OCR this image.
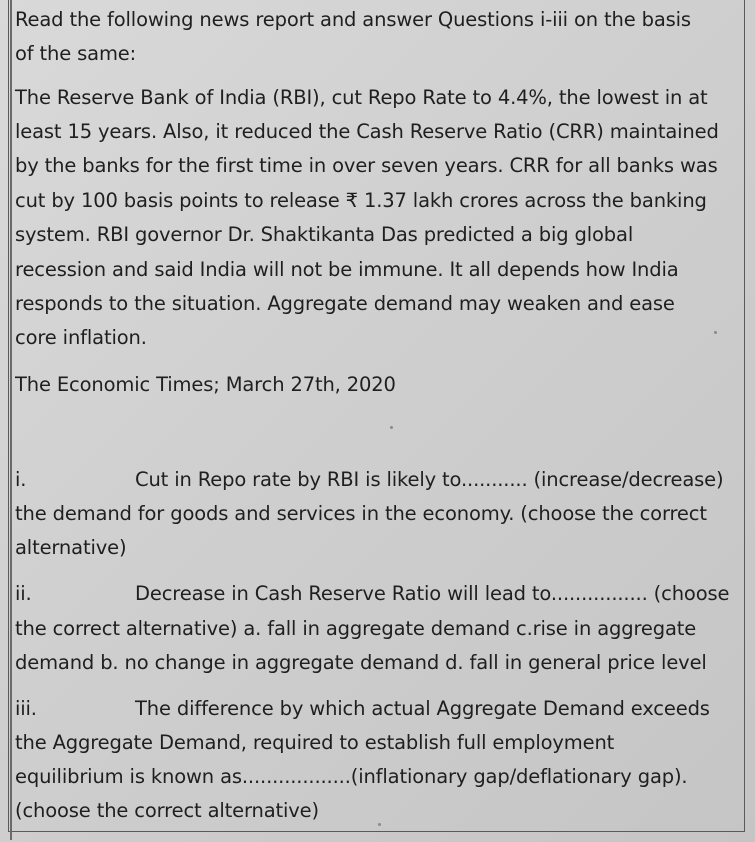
Read the following news report and answer Questions i-iii on the basis
of the same:
The Reserve Bank of India (RBI), cut Repo Rate to 4.4%, the lowest in at
least 15 years. Also, it reduced the Cash Reserve Ratio (CRR) maintained
by the banks for the first time in over seven years. CRR for all banks was
cut by 100 basis points to release ₹ 1.37 lakh crores across the banking
system. RBI governor Dr. Shaktikanta Das predicted a big global
recession and said India will not be immune. It all depends how India
responds to the situation. Aggregate demand may weaken and ease
core inflation.
The Economic Times; March 27th, 2020
i.	Cut in Repo rate by RBI is likely to........... (increase/decrease)
the demand for goods and services in the economy. (choose the correct
alternative)
ii.	Decrease in Cash Reserve Ratio will lead to................ (choose
the correct alternative) a. fall in aggregate demand c.rise in aggregate
demand b. no change in aggregate demand d. fall in general price level
iii.	The difference by which actual Aggregate Demand exceeds
the Aggregate Demand, required to establish full employment
equilibrium is known as..................(inflationary gap/deflationary gap).
(choose the correct alternative)
